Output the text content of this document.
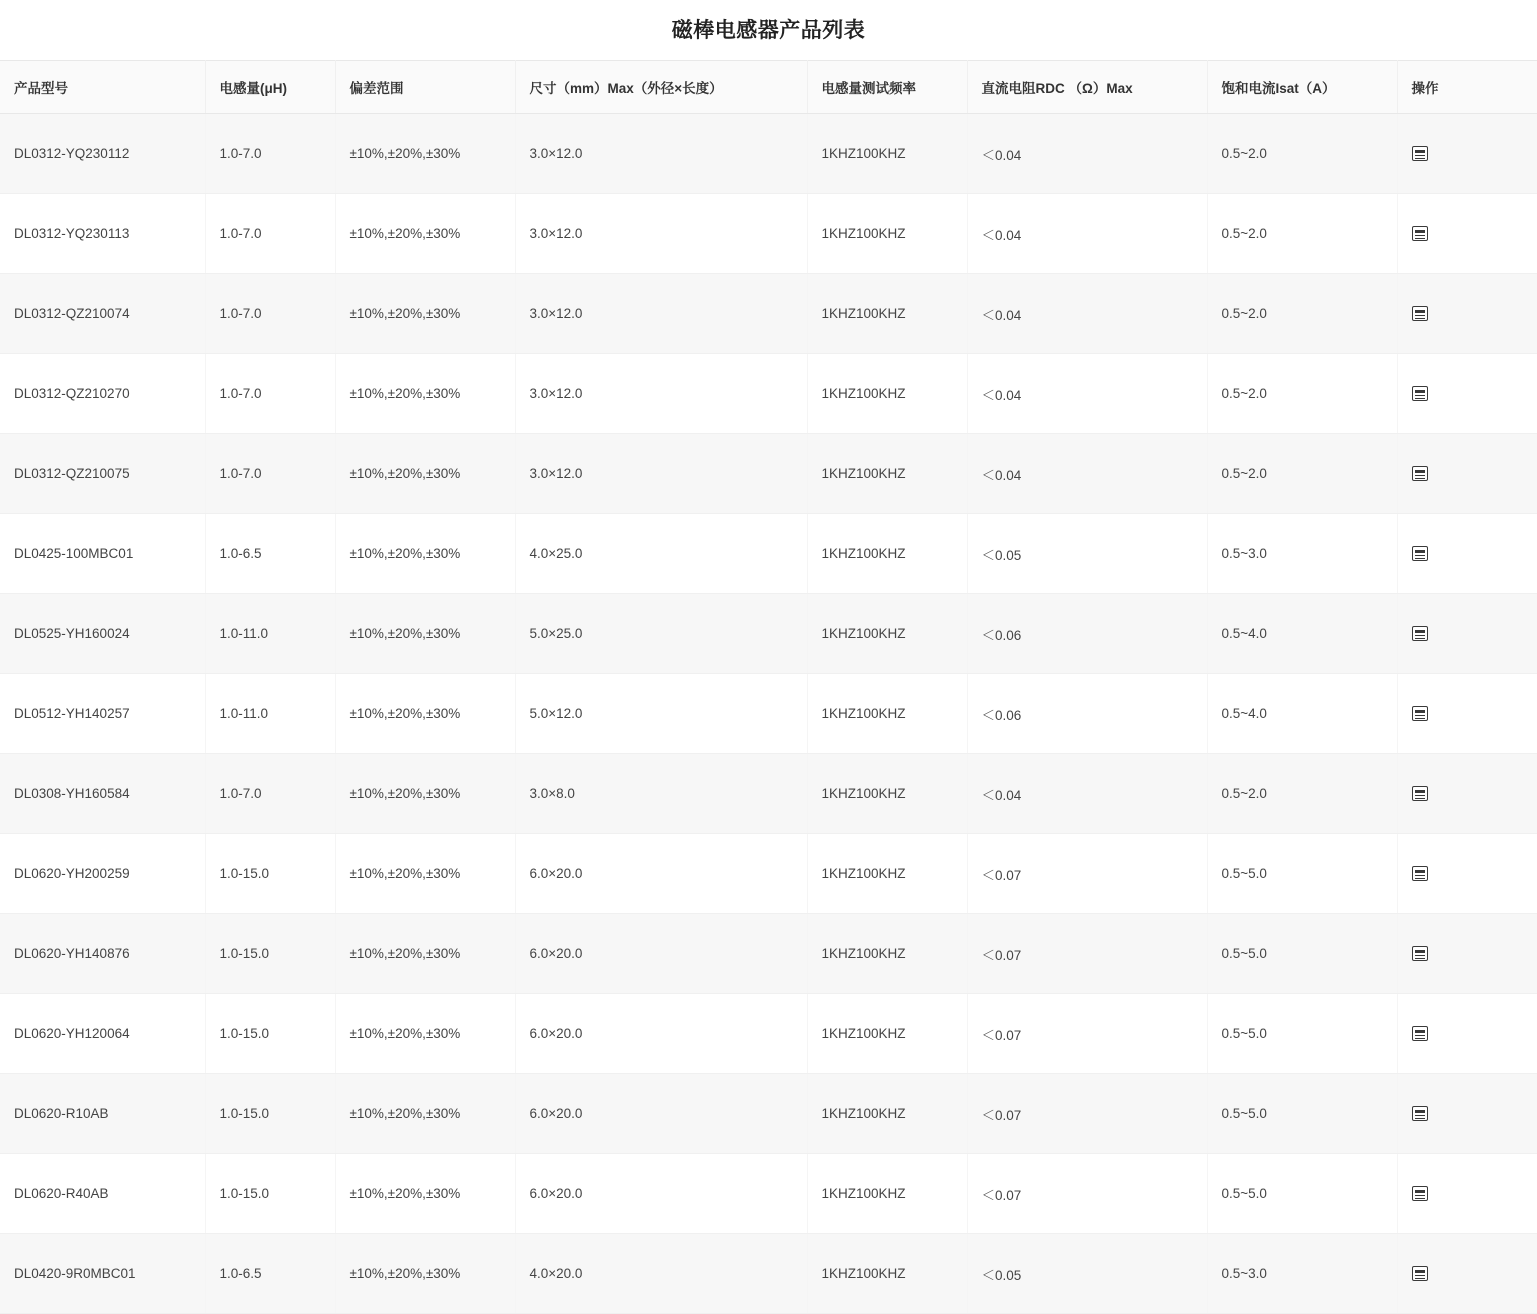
磁棒电感器产品列表
产品型号	电感量(μH)	偏差范围	尺寸（mm）Max（外径×长度）	电感量测试频率	直流电阻RDC （Ω）Max	饱和电流Isat（A）	操作
DL0312-YQ230112	1.0-7.0	±10%,±20%,±30%	3.0×12.0	1KHZ100KHZ	＜0.04	0.5~2.0	
DL0312-YQ230113	1.0-7.0	±10%,±20%,±30%	3.0×12.0	1KHZ100KHZ	＜0.04	0.5~2.0	
DL0312-QZ210074	1.0-7.0	±10%,±20%,±30%	3.0×12.0	1KHZ100KHZ	＜0.04	0.5~2.0	
DL0312-QZ210270	1.0-7.0	±10%,±20%,±30%	3.0×12.0	1KHZ100KHZ	＜0.04	0.5~2.0	
DL0312-QZ210075	1.0-7.0	±10%,±20%,±30%	3.0×12.0	1KHZ100KHZ	＜0.04	0.5~2.0	
DL0425-100MBC01	1.0-6.5	±10%,±20%,±30%	4.0×25.0	1KHZ100KHZ	＜0.05	0.5~3.0	
DL0525-YH160024	1.0-11.0	±10%,±20%,±30%	5.0×25.0	1KHZ100KHZ	＜0.06	0.5~4.0	
DL0512-YH140257	1.0-11.0	±10%,±20%,±30%	5.0×12.0	1KHZ100KHZ	＜0.06	0.5~4.0	
DL0308-YH160584	1.0-7.0	±10%,±20%,±30%	3.0×8.0	1KHZ100KHZ	＜0.04	0.5~2.0	
DL0620-YH200259	1.0-15.0	±10%,±20%,±30%	6.0×20.0	1KHZ100KHZ	＜0.07	0.5~5.0	
DL0620-YH140876	1.0-15.0	±10%,±20%,±30%	6.0×20.0	1KHZ100KHZ	＜0.07	0.5~5.0	
DL0620-YH120064	1.0-15.0	±10%,±20%,±30%	6.0×20.0	1KHZ100KHZ	＜0.07	0.5~5.0	
DL0620-R10AB	1.0-15.0	±10%,±20%,±30%	6.0×20.0	1KHZ100KHZ	＜0.07	0.5~5.0	
DL0620-R40AB	1.0-15.0	±10%,±20%,±30%	6.0×20.0	1KHZ100KHZ	＜0.07	0.5~5.0	
DL0420-9R0MBC01	1.0-6.5	±10%,±20%,±30%	4.0×20.0	1KHZ100KHZ	＜0.05	0.5~3.0	
